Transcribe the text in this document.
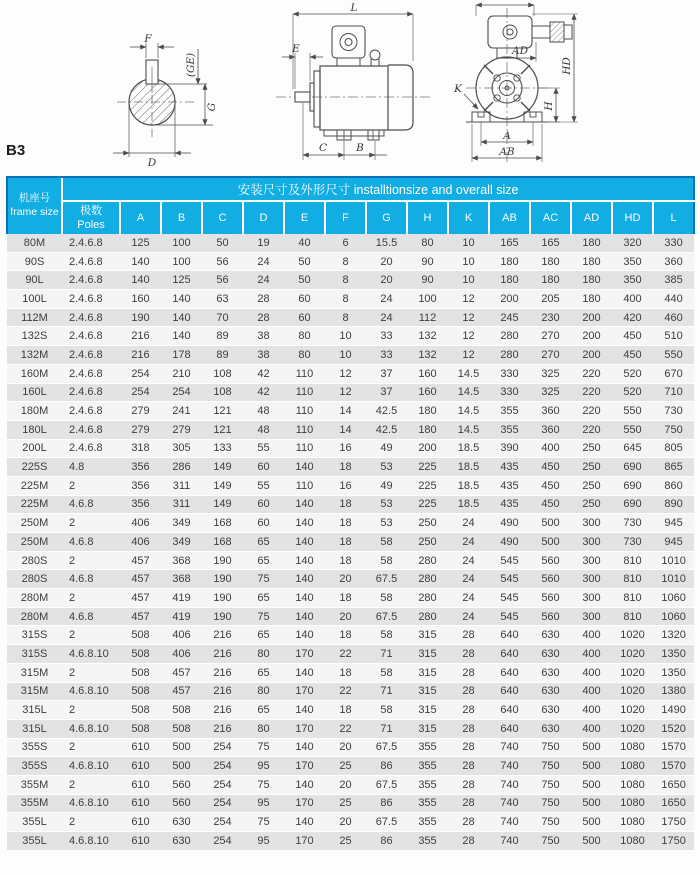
B3
F
(GE)
G
D
L
E
C	B
K
AD
H
HD
A
AB
机座号
frame size	安装尺寸及外形尺寸 installtionsize and overall size														

	极数
Poles	A	B	C	D	E	F	G	H	K	AB	AC	AD	HD	L
80M	2.4.6.8	125	100	50	19	40	6	15.5	80	10	165	165	180	320	330
90S	2.4.6.8	140	100	56	24	50	8	20	90	10	180	180	180	350	360
90L	2.4.6.8	140	125	56	24	50	8	20	90	10	180	180	180	350	385
100L	2.4.6.8	160	140	63	28	60	8	24	100	12	200	205	180	400	440
112M	2.4.6.8	190	140	70	28	60	8	24	112	12	245	230	200	420	460
132S	2.4.6.8	216	140	89	38	80	10	33	132	12	280	270	200	450	510
132M	2.4.6.8	216	178	89	38	80	10	33	132	12	280	270	200	450	550
160M	2.4.6.8	254	210	108	42	110	12	37	160	14.5	330	325	220	520	670
160L	2.4.6.8	254	254	108	42	110	12	37	160	14.5	330	325	220	520	710
180M	2.4.6.8	279	241	121	48	110	14	42.5	180	14.5	355	360	220	550	730
180L	2.4.6.8	279	279	121	48	110	14	42.5	180	14.5	355	360	220	550	750
200L	2.4.6.8	318	305	133	55	110	16	49	200	18.5	390	400	250	645	805
225S	4.8	356	286	149	60	140	18	53	225	18.5	435	450	250	690	865
225M	2	356	311	149	55	110	16	49	225	18.5	435	450	250	690	860
225M	4.6.8	356	311	149	60	140	18	53	225	18.5	435	450	250	690	890
250M	2	406	349	168	60	140	18	53	250	24	490	500	300	730	945
250M	4.6.8	406	349	168	65	140	18	58	250	24	490	500	300	730	945
280S	2	457	368	190	65	140	18	58	280	24	545	560	300	810	1010
280S	4.6.8	457	368	190	75	140	20	67.5	280	24	545	560	300	810	1010
280M	2	457	419	190	65	140	18	58	280	24	545	560	300	810	1060
280M	4.6.8	457	419	190	75	140	20	67.5	280	24	545	560	300	810	1060
315S	2	508	406	216	65	140	18	58	315	28	640	630	400	1020	1320
315S	4.6.8.10	508	406	216	80	170	22	71	315	28	640	630	400	1020	1350
315M	2	508	457	216	65	140	18	58	315	28	640	630	400	1020	1350
315M	4.6.8.10	508	457	216	80	170	22	71	315	28	640	630	400	1020	1380
315L	2	508	508	216	65	140	18	58	315	28	640	630	400	1020	1490
315L	4.6.8.10	508	508	216	80	170	22	71	315	28	640	630	400	1020	1520
355S	2	610	500	254	75	140	20	67.5	355	28	740	750	500	1080	1570
355S	4.6.8.10	610	500	254	95	170	25	86	355	28	740	750	500	1080	1570
355M	2	610	560	254	75	140	20	67.5	355	28	740	750	500	1080	1650
355M	4.6.8.10	610	560	254	95	170	25	86	355	28	740	750	500	1080	1650
355L	2	610	630	254	75	140	20	67.5	355	28	740	750	500	1080	1750
355L	4.6.8.10	610	630	254	95	170	25	86	355	28	740	750	500	1080	1750
